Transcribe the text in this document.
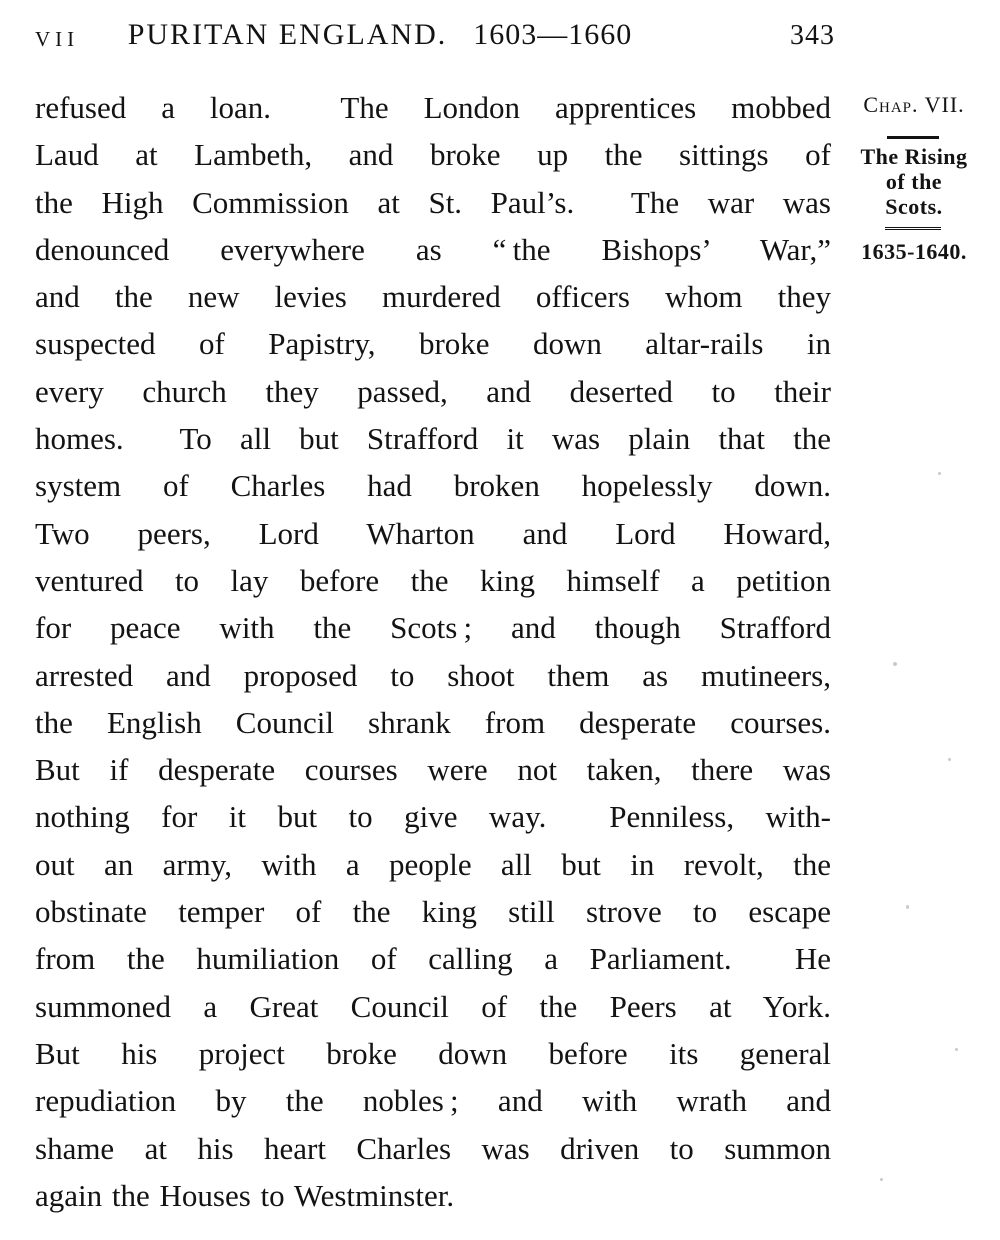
VII	PURITAN ENGLAND. 1603—1660	343
refused a loan.  The London apprentices mobbed
Laud at Lambeth, and broke up the sittings of
the High Commission at St. Paul’s.  The war was
denounced everywhere as “ the Bishops’ War,”
and the new levies murdered officers whom they
suspected of Papistry, broke down altar-rails in
every church they passed, and deserted to their
homes.  To all but Strafford it was plain that the
system of Charles had broken hopelessly down.
Two peers, Lord Wharton and Lord Howard,
ventured to lay before the king himself a petition
for peace with the Scots ; and though Strafford
arrested and proposed to shoot them as mutineers,
the English Council shrank from desperate courses.
But if desperate courses were not taken, there was
nothing for it but to give way.  Penniless, with-
out an army, with a people all but in revolt, the
obstinate temper of the king still strove to escape
from the humiliation of calling a Parliament.  He
summoned a Great Council of the Peers at York.
But his project broke down before its general
repudiation by the nobles ; and with wrath and
shame at his heart Charles was driven to summon
again the Houses to Westminster.
Chap. VII.
The Rising
of the
Scots.
1635-1640.
